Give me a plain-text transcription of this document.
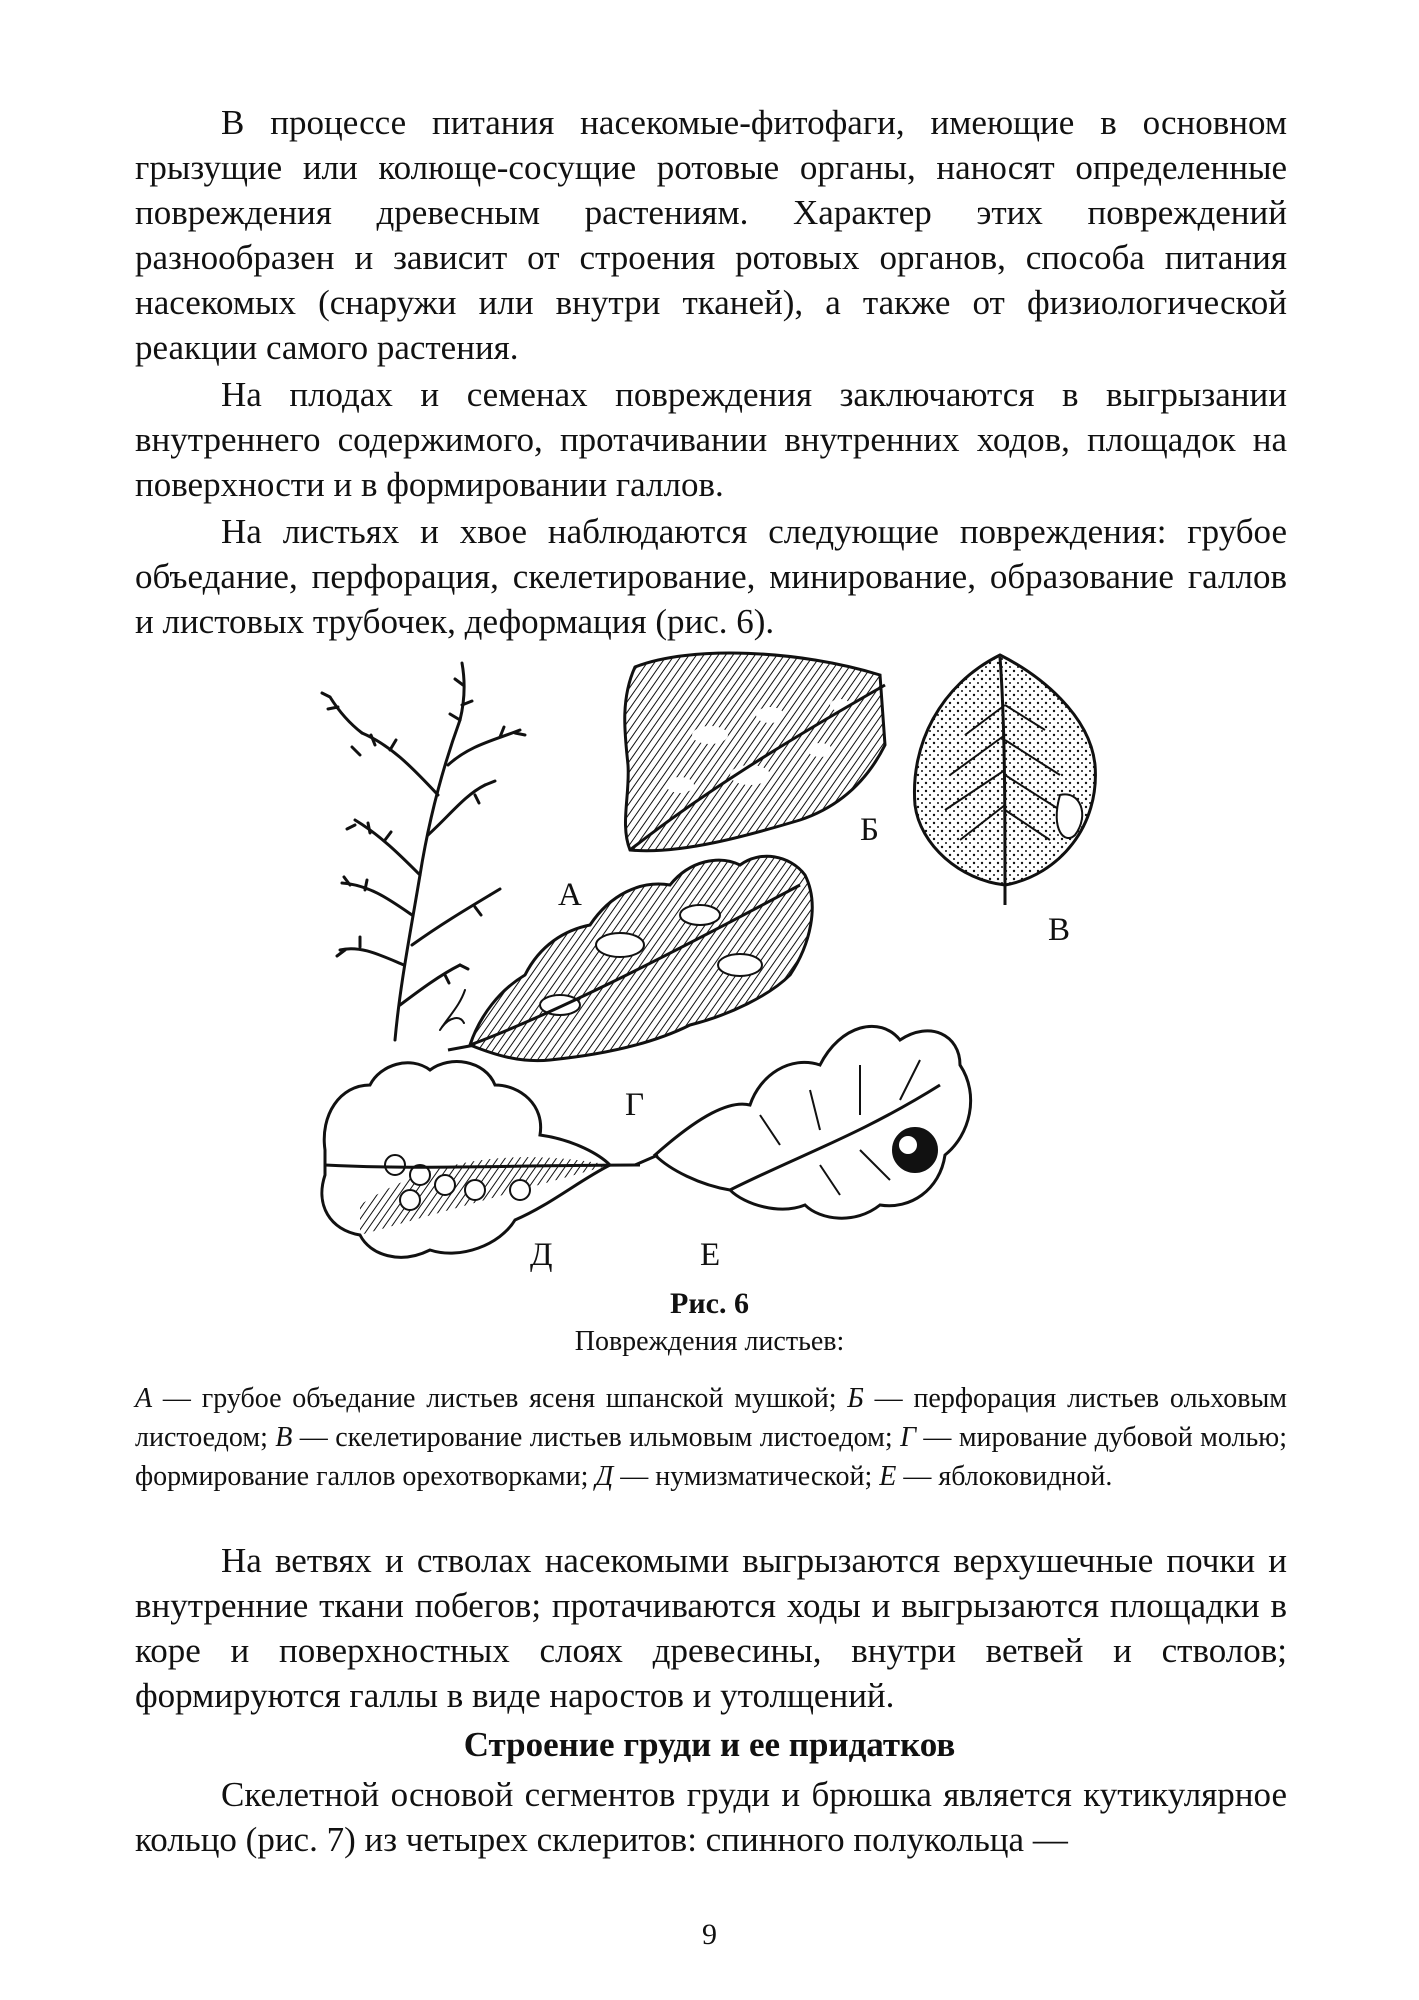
В процессе питания насекомые-фитофаги, имеющие в основном грызущие или колюще-сосущие ротовые органы, наносят определенные повреждения древесным растениям. Характер этих повреждений разнообразен и зависит от строения ротовых органов, способа питания насекомых (снаружи или внутри тканей), а также от физиологической реакции самого растения.

На плодах и семенах повреждения заключаются в выгрызании внутреннего содержимого, протачивании внутренних ходов, площадок на поверхности и в формировании галлов.

На листьях и хвое наблюдаются следующие повреждения: грубое объедание, перфорация, скелетирование, минирование, образование галлов и листовых трубочек, деформация (рис. 6).

А
Б
В
Г
Д	Е

Рис. 6

Повреждения листьев:

А — грубое объедание листьев ясеня шпанской мушкой; Б — перфорация листьев ольховым листоедом; В — скелетирование листьев ильмовым листоедом; Г — мирование дубовой молью; формирование галлов орехотворками; Д — нумизматической; Е — яблоковидной.

На ветвях и стволах насекомыми выгрызаются верхушечные почки и внутренние ткани побегов; протачиваются ходы и выгрызаются площадки в коре и поверхностных слоях древесины, внутри ветвей и стволов; формируются галлы в виде наростов и утолщений.

Строение груди и ее придатков

Скелетной основой сегментов груди и брюшка является кутикулярное кольцо (рис. 7) из четырех склеритов: спинного полукольца —

9
